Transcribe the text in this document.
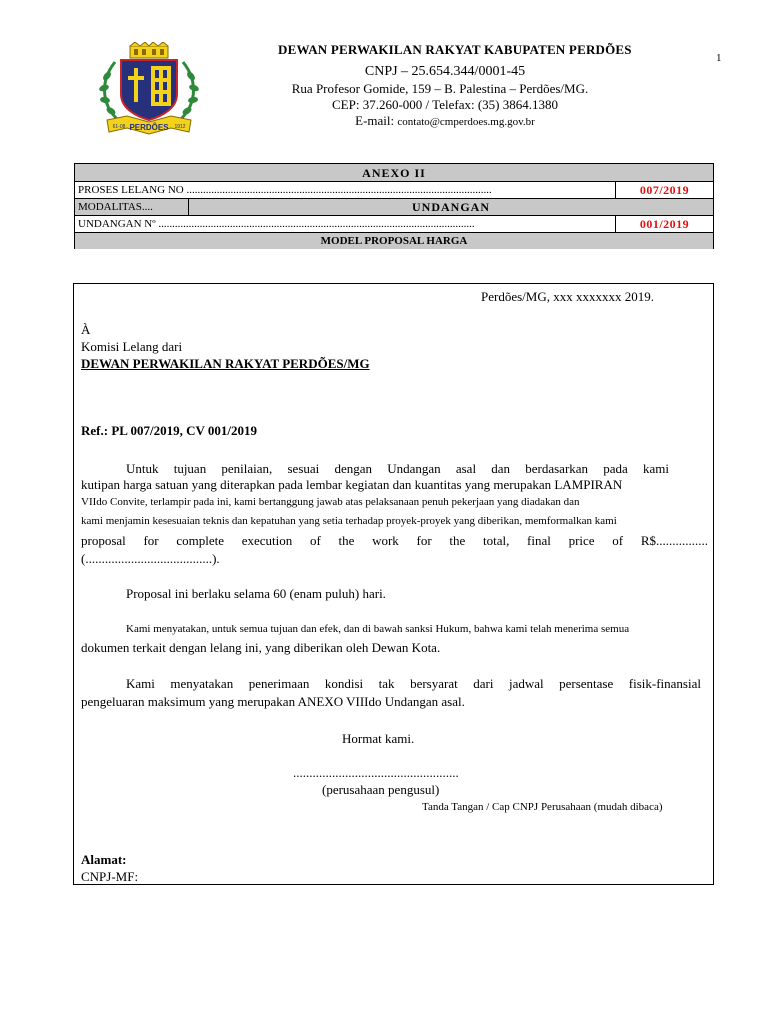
1
PERDÕES
61-08	1912
DEWAN PERWAKILAN RAKYAT KABUPATEN PERDÕES
CNPJ – 25.654.344/0001-45
Rua Profesor Gomide, 159 – B. Palestina – Perdões/MG.
CEP: 37.260-000 / Telefax: (35) 3864.1380
E-mail: contato@cmperdoes.mg.gov.br
ANEXO II
PROSES LELANG NO ...............................................................................................................	007/2019
MODALITAS....	UNDANGAN
UNDANGAN Nº ...................................................................................................................	001/2019
MODEL PROPOSAL HARGA
Perdões/MG, xxx xxxxxxx 2019.
À
Komisi Lelang dari
DEWAN PERWAKILAN RAKYAT PERDÕES/MG
Ref.: PL 007/2019, CV 001/2019
Untuk tujuan penilaian, sesuai dengan Undangan asal dan berdasarkan pada kami
kutipan harga satuan yang diterapkan pada lembar kegiatan dan kuantitas yang merupakan LAMPIRAN
VIIdo Convite, terlampir pada ini, kami bertanggung jawab atas pelaksanaan penuh pekerjaan yang diadakan dan
kami menjamin kesesuaian teknis dan kepatuhan yang setia terhadap proyek-proyek yang diberikan, memformalkan kami
proposal for complete execution of the work for the total, final price of R$................
(.......................................).
Proposal ini berlaku selama 60 (enam puluh) hari.
Kami menyatakan, untuk semua tujuan dan efek, dan di bawah sanksi Hukum, bahwa kami telah menerima semua
dokumen terkait dengan lelang ini, yang diberikan oleh Dewan Kota.
Kami menyatakan penerimaan kondisi tak bersyarat dari jadwal persentase fisik-finansial
pengeluaran maksimum yang merupakan ANEXO VIIIdo Undangan asal.
Hormat kami.
...................................................
(perusahaan pengusul)
Tanda Tangan / Cap CNPJ Perusahaan (mudah dibaca)
Alamat:
CNPJ-MF:
